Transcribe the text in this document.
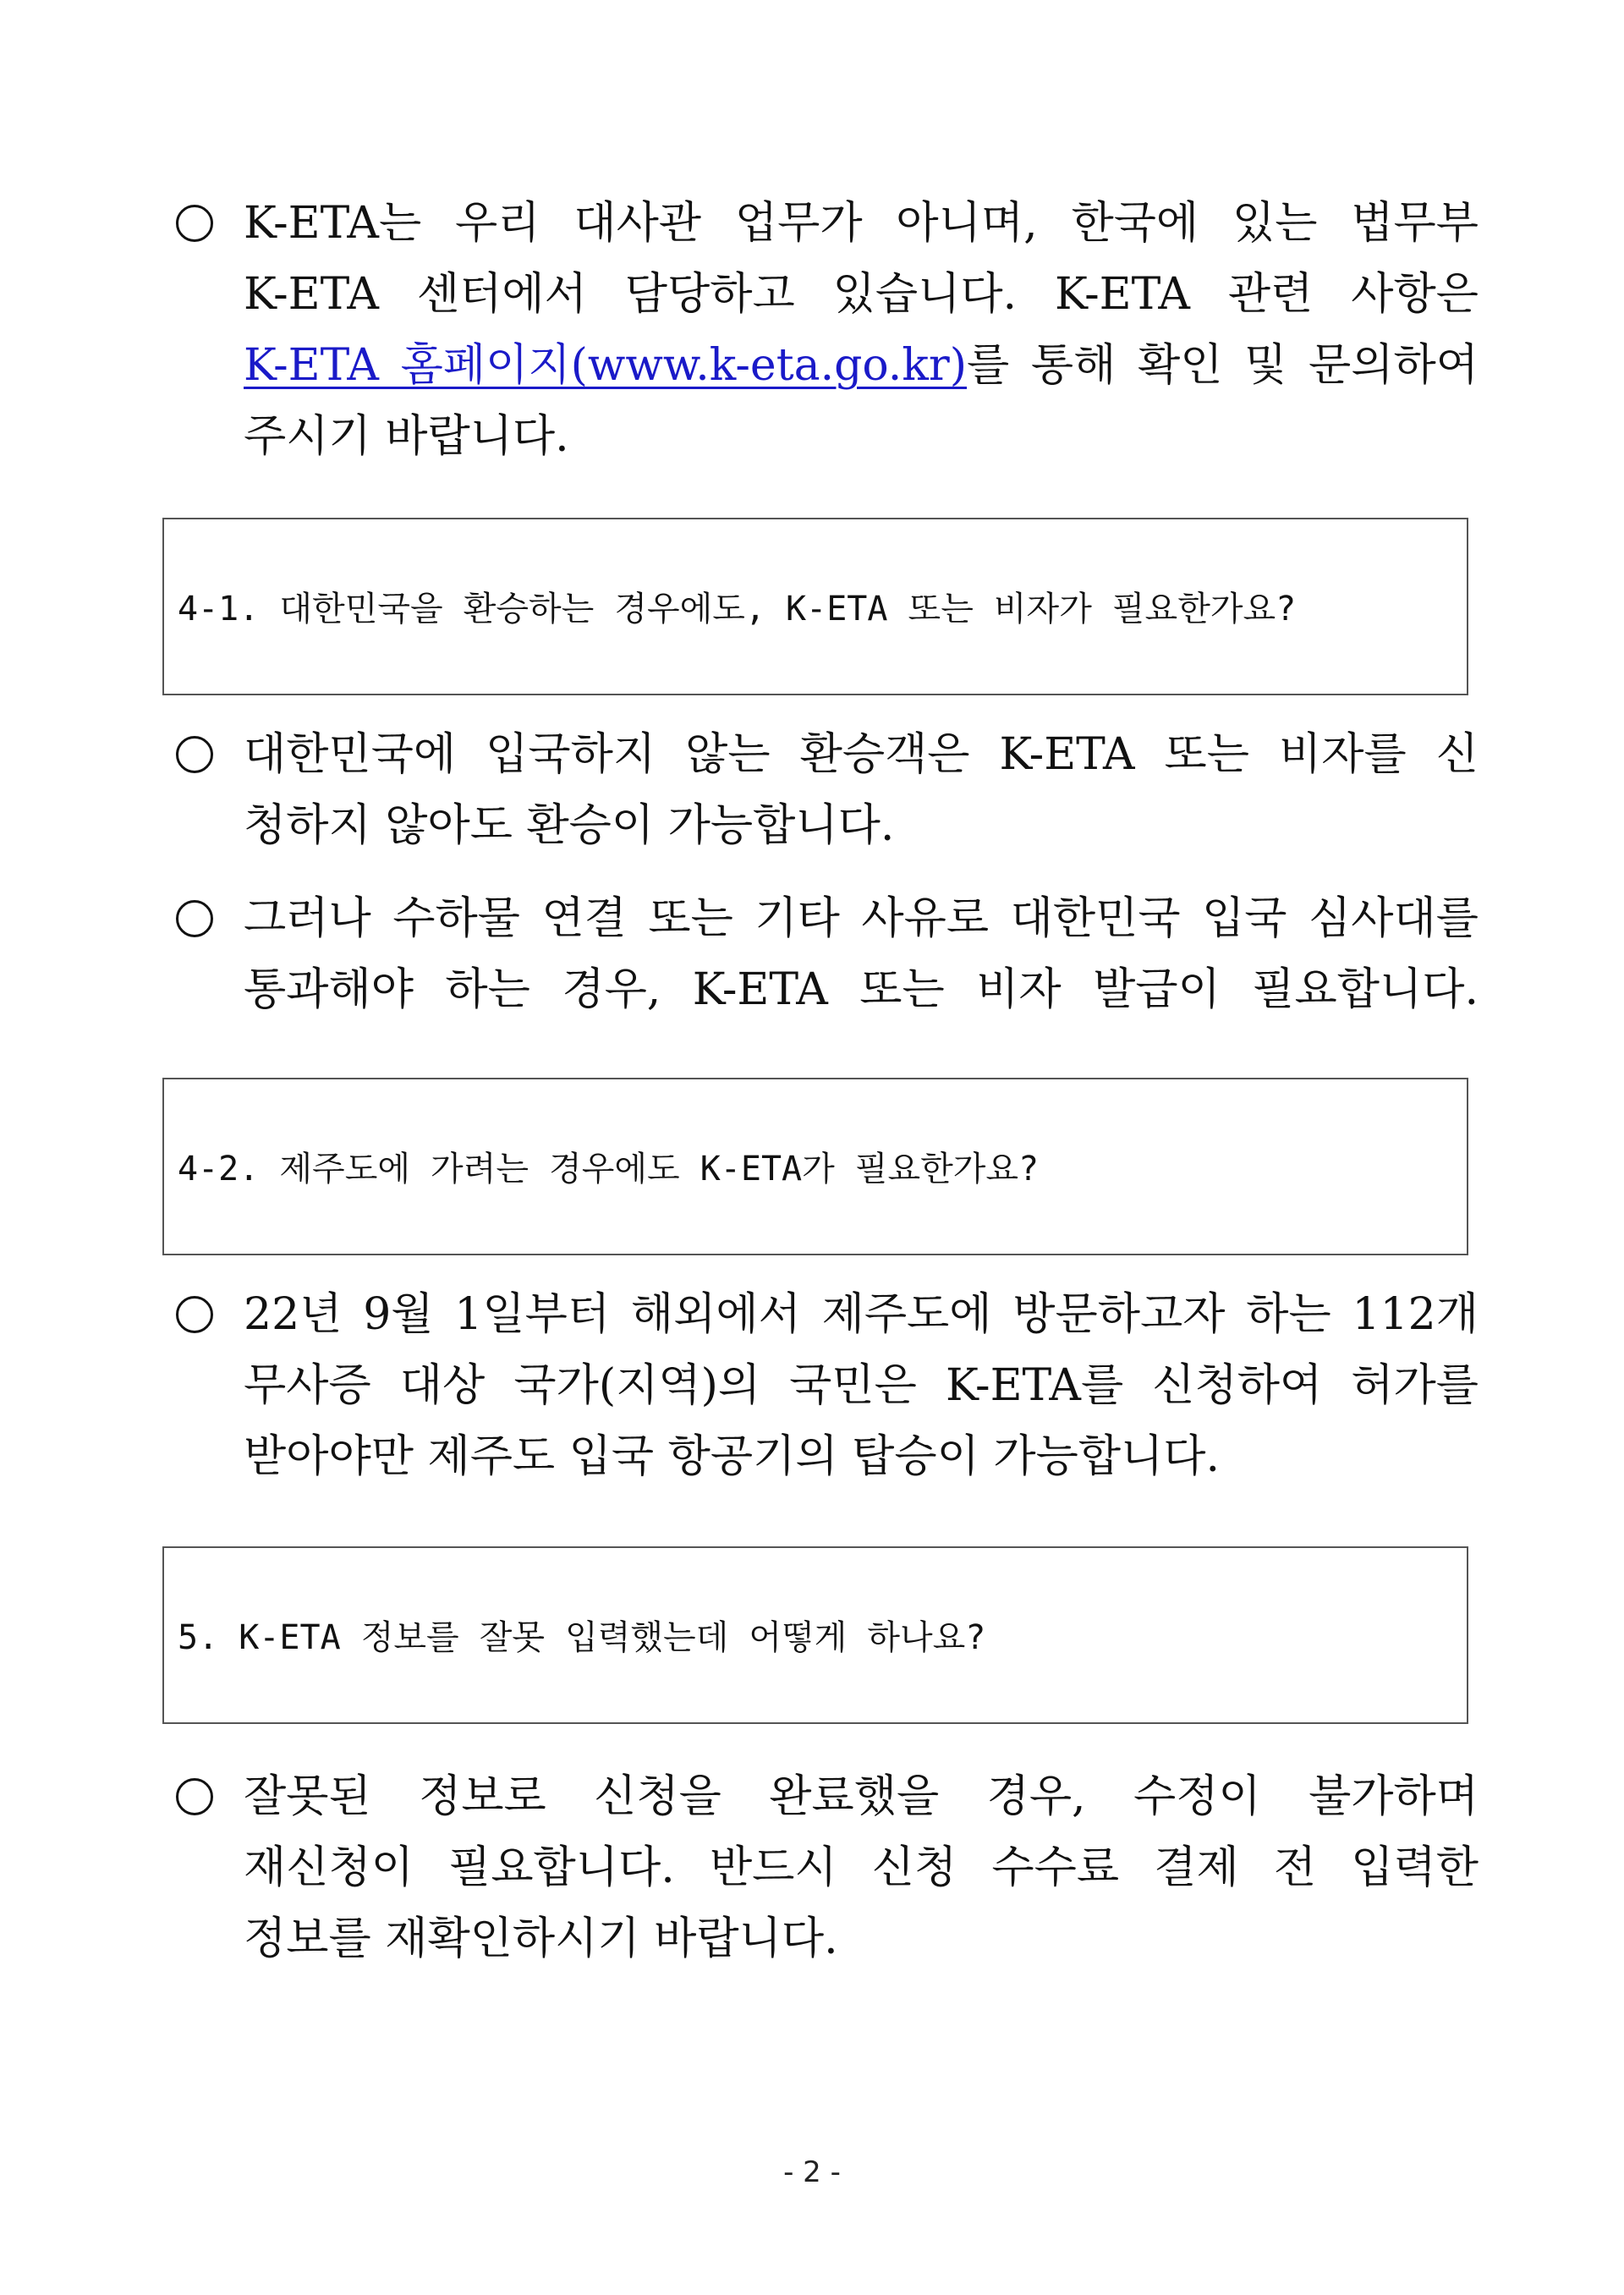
K-ETA는 우리 대사관 업무가 아니며, 한국에 있는 법무부
K-ETA 센터에서 담당하고 있습니다. K-ETA 관련 사항은
K-ETA 홈페이지(www.k-eta.go.kr)를 통해 확인 및 문의하여
주시기 바랍니다.
4-1. 대한민국을 환승하는 경우에도, K-ETA 또는 비자가 필요한가요?
대한민국에 입국하지 않는 환승객은 K-ETA 또는 비자를 신
청하지 않아도 환승이 가능합니다.
그러나 수하물 연결 또는 기타 사유로 대한민국 입국 심사대를
통과해야 하는 경우, K-ETA 또는 비자 발급이 필요합니다.
4-2. 제주도에 가려는 경우에도 K-ETA가 필요한가요?
22년 9월 1일부터 해외에서 제주도에 방문하고자 하는 112개
무사증 대상 국가(지역)의 국민은 K-ETA를 신청하여 허가를
받아야만 제주도 입국 항공기의 탑승이 가능합니다.
5. K-ETA 정보를 잘못 입력했는데 어떻게 하나요?
잘못된 정보로 신청을 완료했을 경우, 수정이 불가하며
재신청이 필요합니다. 반드시 신청 수수료 결제 전 입력한
정보를 재확인하시기 바랍니다.
- 2 -
